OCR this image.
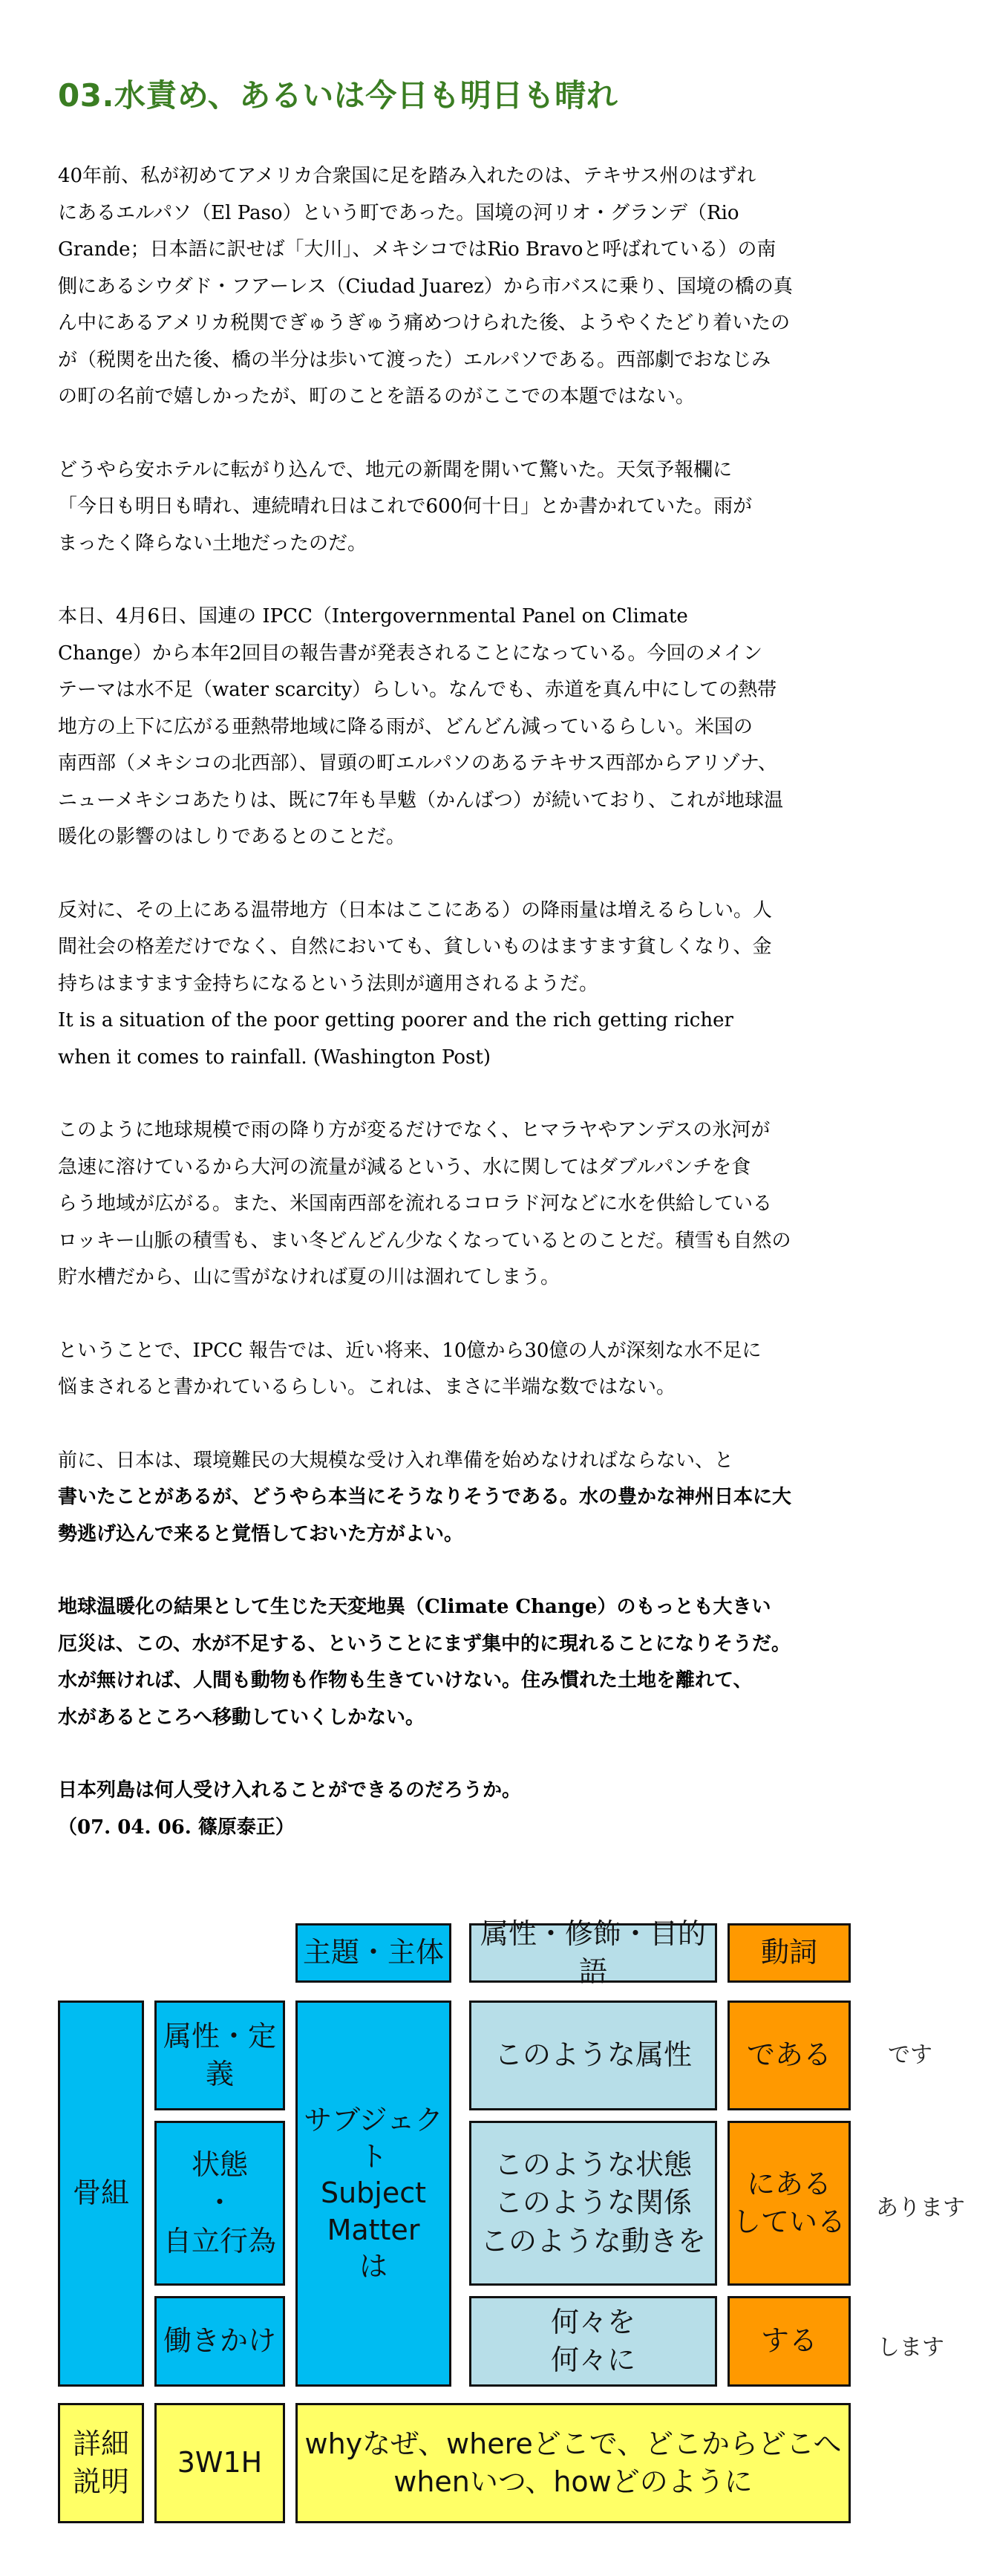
03.水責め、あるいは今日も明日も晴れ

40年前、私が初めてアメリカ合衆国に足を踏み入れたのは、テキサス州のはずれ
にあるエルパソ（El Paso）という町であった。国境の河リオ・グランデ（Rio
Grande；日本語に訳せば「大川」、メキシコではRio Bravoと呼ばれている）の南
側にあるシウダド・フアーレス（Ciudad Juarez）から市バスに乗り、国境の橋の真
ん中にあるアメリカ税関でぎゅうぎゅう痛めつけられた後、ようやくたどり着いたの
が（税関を出た後、橋の半分は歩いて渡った）エルパソである。西部劇でおなじみ
の町の名前で嬉しかったが、町のことを語るのがここでの本題ではない。

どうやら安ホテルに転がり込んで、地元の新聞を開いて驚いた。天気予報欄に
「今日も明日も晴れ、連続晴れ日はこれで600何十日」とか書かれていた。雨が
まったく降らない土地だったのだ。

本日、4月6日、国連の IPCC（Intergovernmental Panel on Climate
Change）から本年2回目の報告書が発表されることになっている。今回のメイン
テーマは水不足（water scarcity）らしい。なんでも、赤道を真ん中にしての熱帯
地方の上下に広がる亜熱帯地域に降る雨が、どんどん減っているらしい。米国の
南西部（メキシコの北西部）、冒頭の町エルパソのあるテキサス西部からアリゾナ、
ニューメキシコあたりは、既に7年も旱魃（かんばつ）が続いており、これが地球温
暖化の影響のはしりであるとのことだ。

反対に、その上にある温帯地方（日本はここにある）の降雨量は増えるらしい。人
間社会の格差だけでなく、自然においても、貧しいものはますます貧しくなり、金
持ちはますます金持ちになるという法則が適用されるようだ。
It is a situation of the poor getting poorer and the rich getting richer
when it comes to rainfall. (Washington Post)

このように地球規模で雨の降り方が変るだけでなく、ヒマラヤやアンデスの氷河が
急速に溶けているから大河の流量が減るという、水に関してはダブルパンチを食
らう地域が広がる。また、米国南西部を流れるコロラド河などに水を供給している
ロッキー山脈の積雪も、まい冬どんどん少なくなっているとのことだ。積雪も自然の
貯水槽だから、山に雪がなければ夏の川は涸れてしまう。

ということで、IPCC 報告では、近い将来、10億から30億の人が深刻な水不足に
悩まされると書かれているらしい。これは、まさに半端な数ではない。

前に、日本は、環境難民の大規模な受け入れ準備を始めなければならない、と
書いたことがあるが、どうやら本当にそうなりそうである。水の豊かな神州日本に大
勢逃げ込んで来ると覚悟しておいた方がよい。

地球温暖化の結果として生じた天変地異（Climate Change）のもっとも大きい
厄災は、この、水が不足する、ということにまず集中的に現れることになりそうだ。
水が無ければ、人間も動物も作物も生きていけない。住み慣れた土地を離れて、
水があるところへ移動していくしかない。

日本列島は何人受け入れることができるのだろうか。
（07. 04. 06. 篠原泰正）

主題・主体
属性・修飾・目的語
動詞
骨組
属性・定義
状態
・
自立行為
働きかけ
サブジェクト
Subject
Matter
は
このような属性
このような状態
このような関係
このような動きを
何々を
何々に
である
にある
している
する
です
あります
します
詳細
説明
3W1H
whyなぜ、whereどこで、どこからどこへ
whenいつ、howどのように
